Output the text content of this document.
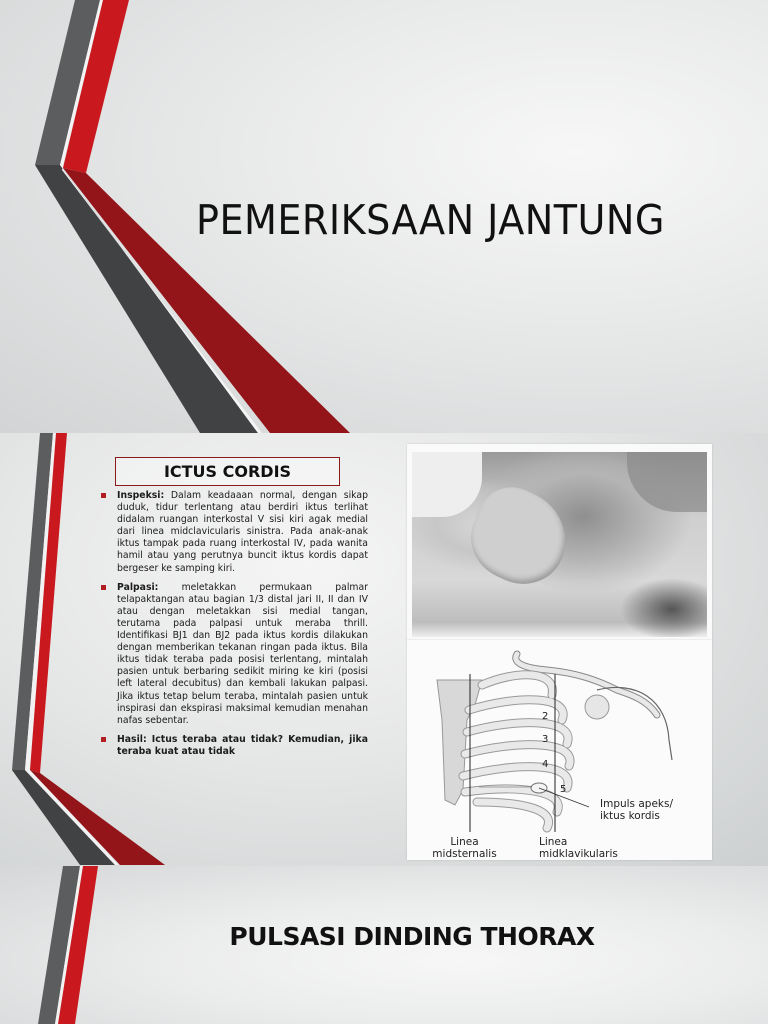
PEMERIKSAAN JANTUNG
ICTUS CORDIS
Inspeksi: Dalam keadaaan normal, dengan sikap duduk, tidur terlentang atau berdiri iktus terlihat didalam ruangan interkostal V sisi kiri agak medial dari linea midclavicularis sinistra. Pada anak-anak iktus tampak pada ruang interkostal IV, pada wanita hamil atau yang perutnya buncit iktus kordis dapat bergeser ke samping kiri.
Palpasi: meletakkan permukaan palmar telapaktangan atau bagian 1/3 distal jari II, II dan IV atau dengan meletakkan sisi medial tangan, terutama pada palpasi untuk meraba thrill. Identifikasi BJ1 dan BJ2 pada iktus kordis dilakukan dengan memberikan tekanan ringan pada iktus. Bila iktus tidak teraba pada posisi terlentang, mintalah pasien untuk berbaring sedikit miring ke kiri (posisi left lateral decubitus) dan kembali lakukan palpasi. Jika iktus tetap belum teraba, mintalah pasien untuk inspirasi dan ekspirasi maksimal kemudian menahan nafas sebentar.
Hasil: Ictus teraba atau tidak? Kemudian, jika teraba kuat atau tidak
2
3
4
5
Impuls apeks/
iktus kordis
Linea
midsternalis
Linea
midklavikularis
PULSASI DINDING THORAX
